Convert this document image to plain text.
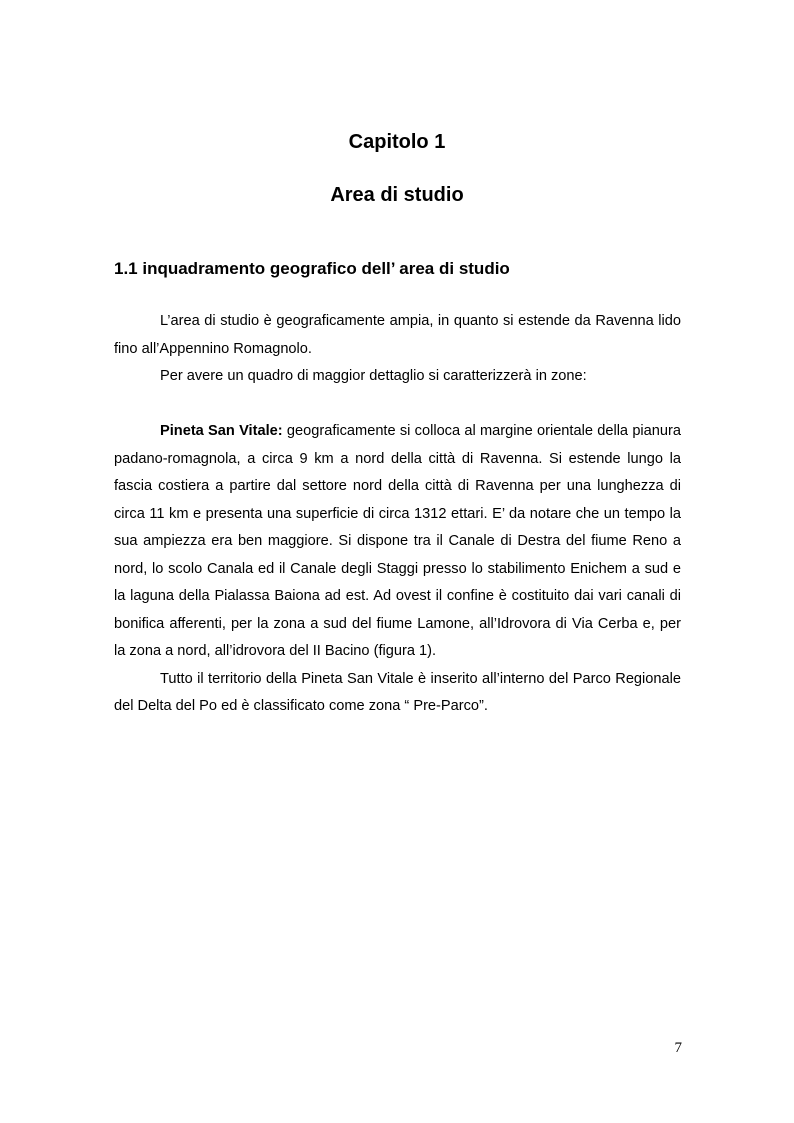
Capitolo 1
Area di studio
1.1 inquadramento geografico dell’ area di studio

L’area di studio è geograficamente ampia, in quanto si estende da Ravenna lido fino all’Appennino Romagnolo.

Per avere un quadro di maggior dettaglio si caratterizzerà in zone:

Pineta San Vitale: geograficamente si colloca al margine orientale della pianura padano-romagnola, a circa 9 km a nord della città di Ravenna. Si estende lungo la fascia costiera a partire dal settore nord della città di Ravenna per una lunghezza di circa 11 km e presenta una superficie di circa 1312 ettari. E’ da notare che un tempo la sua ampiezza era ben maggiore. Si dispone tra il Canale di Destra del fiume Reno a nord, lo scolo Canala ed il Canale degli Staggi presso lo stabilimento Enichem a sud e la laguna della Pialassa Baiona ad est. Ad ovest il confine è costituito dai vari canali di bonifica afferenti, per la zona a sud del fiume Lamone, all’Idrovora di Via Cerba e, per la zona a nord, all’idrovora del II Bacino (figura 1).

Tutto il territorio della Pineta San Vitale è inserito all’interno del Parco Regionale del Delta del Po ed è classificato come zona “ Pre-Parco”.

7
